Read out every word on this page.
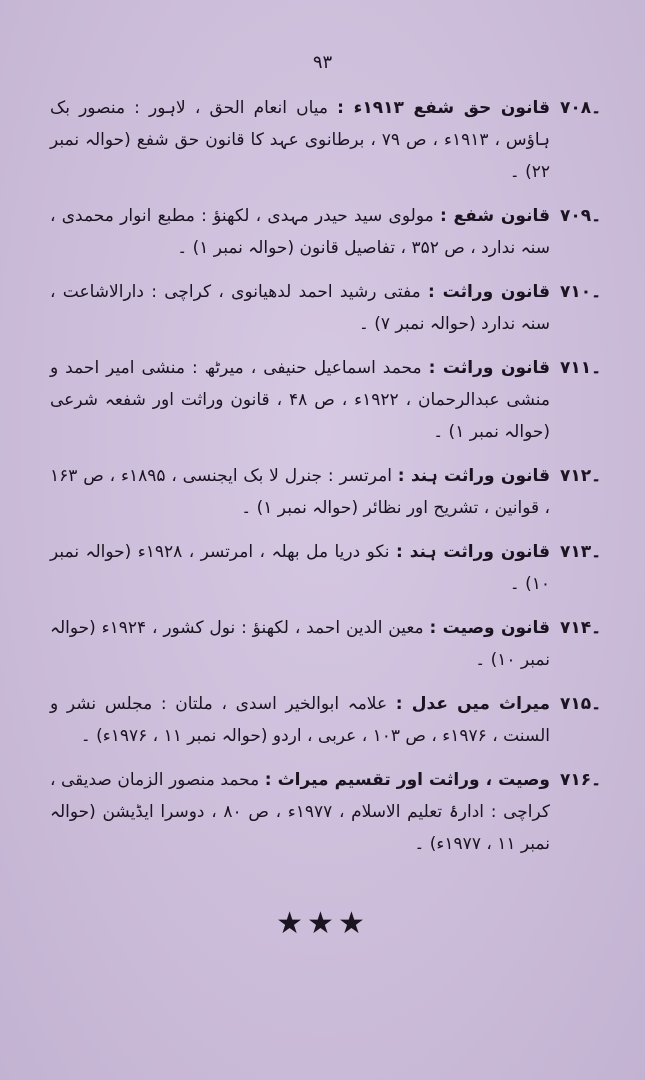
۹۳
۔۷۰۸
قانون حق شفع ۱۹۱۳ء : میاں انعام الحق ، لاہور : منصور بک ہاؤس ، ۱۹۱۳ء ، ص ۷۹ ، برطانوی عہد کا قانون حق شفع (حوالہ نمبر ۲۲) ۔
۔۷۰۹
قانون شفع : مولوی سید حیدر مہدی ، لکھنؤ : مطبع انوار محمدی ، سنہ ندارد ، ص ۳۵۲ ، تفاصیل قانون (حوالہ نمبر ۱) ۔
۔۷۱۰
قانون وراثت : مفتی رشید احمد لدھیانوی ، کراچی : دارالاشاعت ، سنہ ندارد (حوالہ نمبر ۷) ۔
۔۷۱۱
قانون وراثت : محمد اسماعیل حنیفی ، میرٹھ : منشی امیر احمد و منشی عبدالرحمان ، ۱۹۲۲ء ، ص ۴۸ ، قانون وراثت اور شفعہ شرعی (حوالہ نمبر ۱) ۔
۔۷۱۲
قانون وراثت ہند : امرتسر : جنرل لا بک ایجنسی ، ۱۸۹۵ء ، ص ۱۶۳ ، قوانین ، تشریح اور نظائر (حوالہ نمبر ۱) ۔
۔۷۱۳
قانون وراثت ہند : نکو دریا مل بھلہ ، امرتسر ، ۱۹۲۸ء (حوالہ نمبر ۱۰) ۔
۔۷۱۴
قانون وصیت : معین الدین احمد ، لکھنؤ : نول کشور ، ۱۹۲۴ء (حوالہ نمبر ۱۰) ۔
۔۷۱۵
میراث میں عدل : علامہ ابوالخیر اسدی ، ملتان : مجلس نشر و السنت ، ۱۹۷۶ء ، ص ۱۰۳ ، عربی ، اردو (حوالہ نمبر ۱۱ ، ۱۹۷۶ء) ۔
۔۷۱۶
وصیت ، وراثت اور تقسیم میراث : محمد منصور الزمان صدیقی ، کراچی : ادارۂ تعلیم الاسلام ، ۱۹۷۷ء ، ص ۸۰ ، دوسرا ایڈیشن (حوالہ نمبر ۱۱ ، ۱۹۷۷ء) ۔
★★★
